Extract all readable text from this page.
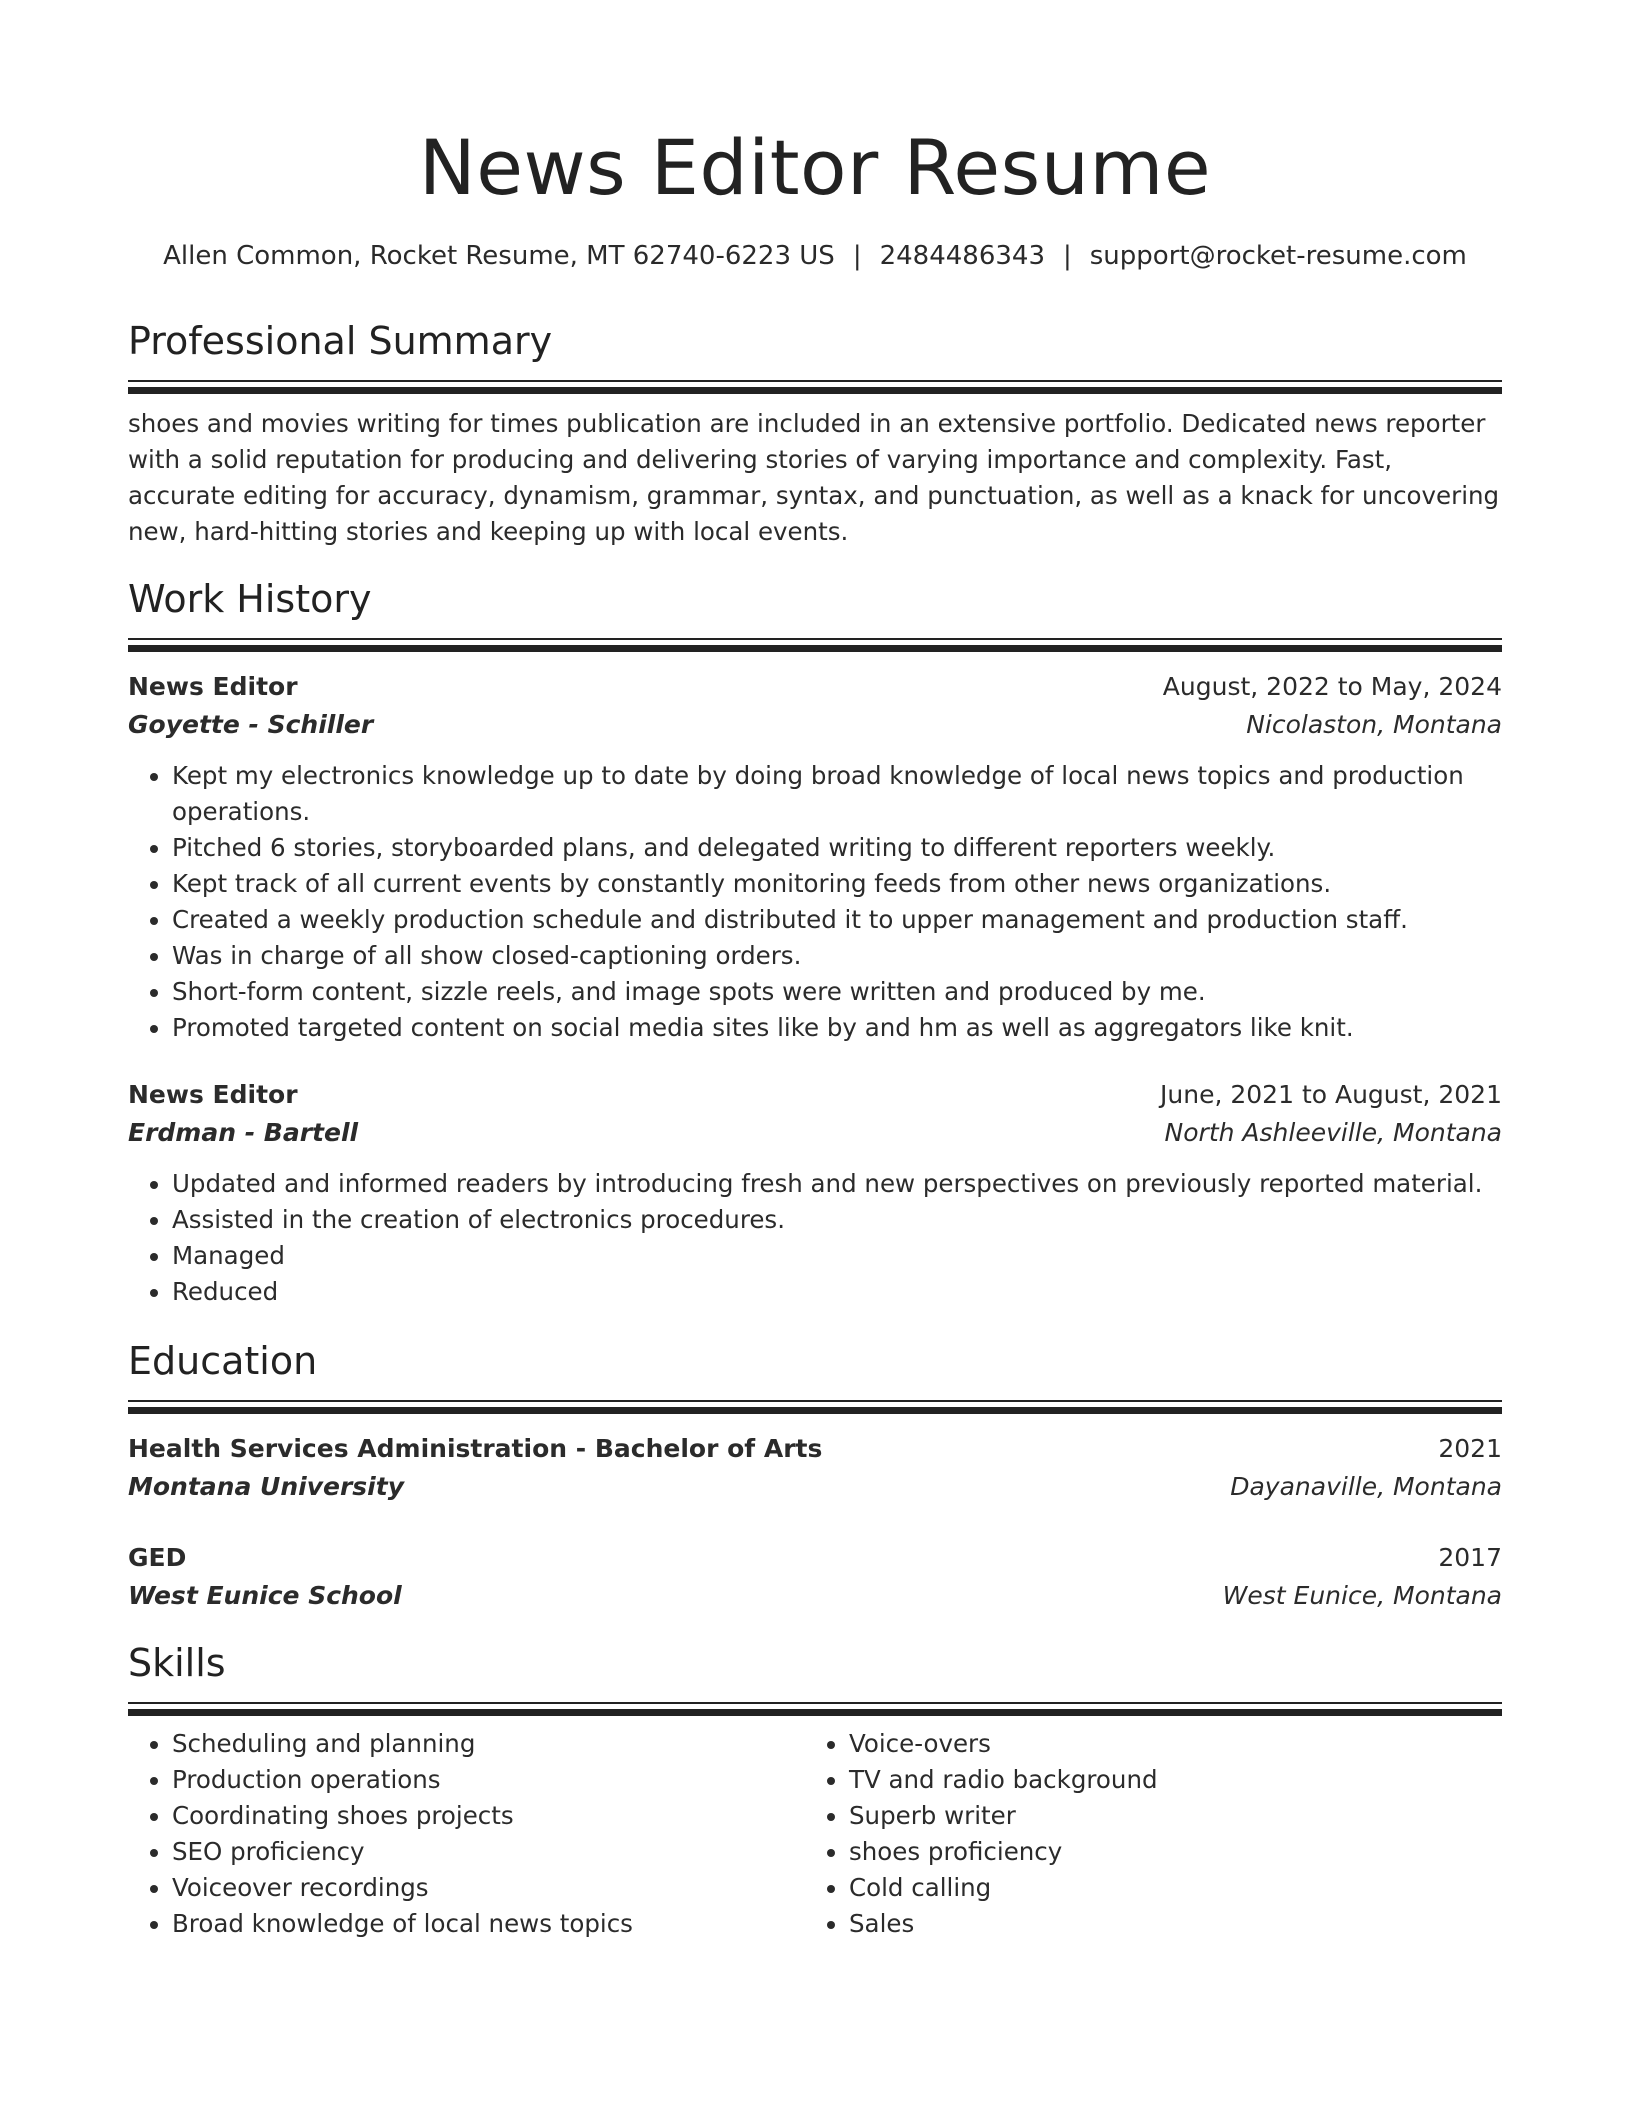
News Editor Resume
Allen Common, Rocket Resume, MT 62740-6223 US | 2484486343 | support@rocket-resume.com
Professional Summary
shoes and movies writing for times publication are included in an extensive portfolio. Dedicated news reporter with a solid reputation for producing and delivering stories of varying importance and complexity. Fast, accurate editing for accuracy, dynamism, grammar, syntax, and punctuation, as well as a knack for uncovering new, hard-hitting stories and keeping up with local events.
Work History
News Editor	August, 2022 to May, 2024
Goyette - Schiller	Nicolaston, Montana
• Kept my electronics knowledge up to date by doing broad knowledge of local news topics and production operations.
• Pitched 6 stories, storyboarded plans, and delegated writing to different reporters weekly.
• Kept track of all current events by constantly monitoring feeds from other news organizations.
• Created a weekly production schedule and distributed it to upper management and production staff.
• Was in charge of all show closed-captioning orders.
• Short-form content, sizzle reels, and image spots were written and produced by me.
• Promoted targeted content on social media sites like by and hm as well as aggregators like knit.
News Editor	June, 2021 to August, 2021
Erdman - Bartell	North Ashleeville, Montana
• Updated and informed readers by introducing fresh and new perspectives on previously reported material.
• Assisted in the creation of electronics procedures.
• Managed
• Reduced
Education
Health Services Administration - Bachelor of Arts	2021
Montana University	Dayanaville, Montana
GED	2017
West Eunice School	West Eunice, Montana
Skills
• Scheduling and planning
• Production operations
• Coordinating shoes projects
• SEO proficiency
• Voiceover recordings
• Broad knowledge of local news topics
• Voice-overs
• TV and radio background
• Superb writer
• shoes proficiency
• Cold calling
• Sales
